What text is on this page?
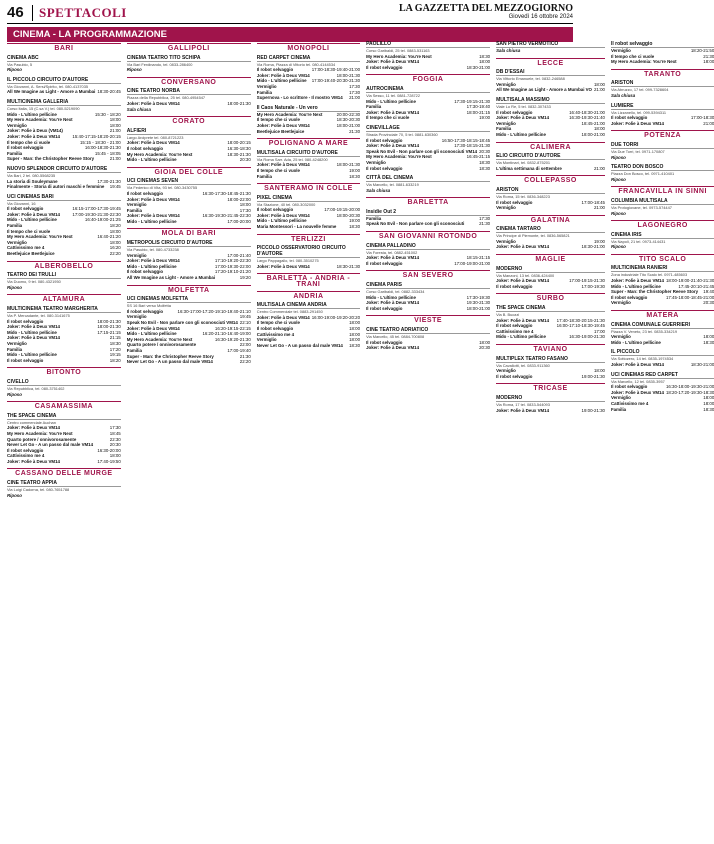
46 SPETTACOLI	LA GAZZETTA DEL MEZZOGIORNO
Giovedì 16 ottobre 2024
CINEMA - LA PROGRAMMAZIONE
BARI
CINEMA ABC
Via Pasubio, 5
Riposo
IL PICCOLO CIRCUITO D'AUTORE
Via Giovanni, A. Sersi/Spirito, tel. 080-4137035
All We Imagine as Light - Amore a Mumbai 18:30-20:45
MULTICINEMA GALLERIA
Corso Italia, 15 (C.sa V.) tel. 080-5219090
Mido - L'ultimo pellicine	15:30 - 18:20
My Hero Academia: You're Next	18:00
Vermiglio	18:00
Joker: Folie à Deux (VM14)	21:00
Joker: Folie à Deux VM14	15:40-17:15-18:20-20:15
Il tempo che ci vuole	15:15 - 18:30 - 21:00
Il robot selvaggio	16:00-18:30-21:30
Familia	15:45 - 18:05
Super - Man: the Christopher Reeve Story	21:00
NUOVO SPLENDOR CIRCUITO D'AUTORE
Via Bari, 2 tel. 080-5568235
La storia di Souleymane	17:30-21:30
Finalmente - Storia di autori maschi e femmine 19:45
UCI CINEMAS BARI
Via Giovanni, 16
Il robot selvaggio	16:15-17:00-17:30-19:45
Joker: Folie à Deux VM14	17:00-19:30-21:30-22:30
Mido - L'ultimo pellicine	16:40-19:00-21:25
Familia	18:20
Il tempo che ci vuole	18:00
My Hero Academia: You're Next	16:40-21:20
Vermiglio	18:00
Cattivissimo me 4	16:20
Beetlejuice Beetlejuice	22:20
ALBEROBELLO
TEATRO DEI TRULLI
Via Duomo, 9 tel. 080-4321950
Riposo
ALTAMURA
MULTICINEMA TEATRO MARGHERITA
Via P. Mercadante, tel. 080-3141675
Il robot selvaggio	18:00-21:30
Joker: Folie à Deux VM14	18:00-21:30
Mido - L'ultimo pellicine	17:15-21:15
Joker: Folie à Deux VM14	21:15
Vermiglio	18:30
Familia	17:20
Mido - L'ultimo pellicine	19:15
Il robot selvaggio	18:20
BITONTO
CIVELLO
Via Repubblica, tel. 080-3751402
Riposo
CASAMASSIMA
THE SPACE CINEMA
Centro commerciale Auchan
Joker: Folie à Deux VM14	17:30
My Hero Academia: You're Next	18:45
Quarto potere / onnivorosamente	22:30
Never Let Go - A un passo dal male VM14	20:30
Il robot selvaggio	16:30-20:00
Cattivissimo me 4	18:00
Joker: Folie à Deux VM14	17:40-19:50
CASSANO DELLE MURGE
CINE TEATRO APPIA
Via Luigi Cadorna, tel. 080-7651788
Riposo
GALLIPOLI
CINEMA TEATRO TITO SCHIPA
Via Bari Ferdinando, tel. 0833-286400
Riposo
CONVERSANO
CINE TEATRO NORBA
Piazza della Repubblica, 25 tel. 080-4954547
Joker: Folie à Deux VM14	18:00-21:30
Sala chiusa
CORATO
ALFIERI
Largo Arciprete tel. 080-8721223
Joker: Folie à Deux VM14	18:00-20:15
Il robot selvaggio	16:30-18:30
My Hero Academia: You're Next	18:30-21:30
Mido - L'ultimo pellicine	20:30
GIOIA DEL COLLE
UCI CINEMAS SEVEN
Via Federico di Vita, 93 tel. 080-3430755
Il robot selvaggio	16:30-17:30-18:45-21:30
Joker: Folie à Deux VM14	18:00-22:00
Vermiglio	18:00
Familia	17:30
Joker: Folie à Deux VM14	16:30-19:30-21:45-22:30
Mido - L'ultimo pellicine	17:00-20:00
MOLA DI BARI
METROPOLIS CIRCUITO D'AUTORE
Via Pasubio, tel. 080-4733238
Vermiglio	17:00-21:40
Joker: Folie à Deux VM14	17:10-19:20-22:30
Mido - L'ultimo pellicine	17:00-19:30-22:00
Il robot selvaggio	17:20-19:10-21:20
All We Imagine as Light - Amore a Mumbai	19:20
MOLFETTA
UCI CINEMAS MOLFETTA
SS 16 Bari verso Molfetta
Il robot selvaggio	16:30-17:00-17:20-19:10-19:40-21:10
Vermiglio	19:45
Speak No Evil - Non parlare con gli sconosciuti VM14 22:10
Joker: Folie à Deux VM14	16:20-19:15-22:15
Mido - L'ultimo pellicine	16:20-21:10-16:40-19:00
My Hero Academia: You're Next	16:30-19:20-21:30
Quarto potere / onnivorosamente	22:00
Familia	17:00-19:40
Super - Man: the Christopher Reeve Story	21:30
Never Let Go - A un passo dal male VM14	22:20
MONOPOLI
RED CARPET CINEMA
Via Roma, Piazza di Vittorio tel. 080-4144534
Il robot selvaggio	17:00-18:30-19:40-21:00
Joker: Folie à Deux VM14	18:00-21:30
Mido - L'ultimo pellicine 17:00-19:40-20:30-21:30
Vermiglio	17:30
Familia	17:30
Supernova - Lo scrittore - Il mostro VM14 21:00
Il Caos Naturale - Un vero
My Hero Academia: You're Next	20:00-22:30
Il tempo che ci vuole	18:30-20:30
Joker: Folie à Deux VM14	18:00-21:00
Beetlejuice Beetlejuice	21:30
POLIGNANO A MARE
MULTISALA CIRCUITO D'AUTORE
Via Roma Sarr. Ada, 25 tel. 080-4248200
Joker: Folie à Deux VM14	18:00-21:30
Il tempo che ci vuole	19:00
Familia	18:30
SANTERAMO IN COLLE
PIXEL CINEMA
Via Stazione, 40 tel. 080-3032000
Il robot selvaggio	17:00-19:15-20:00
Joker: Folie à Deux VM14	18:00-20:30
Mido - L'ultimo pellicine	19:00
Maria Montessori - La nouvelle femme	18:30
TERLIZZI
PICCOLO OSSERVATORIO CIRCUITO D'AUTORE
Largo Pappagallo, tel. 080-3510275
Joker: Folie à Deux VM14	18:30-21:30
BARLETTA - ANDRIA - TRANI
ANDRIA
MULTISALA CINEMA ANDRIA
Centro Commerciale tel. 0883-291450
Joker: Folie à Deux VM14 16:00-19:00-19:20-20:20
Il tempo che ci vuole	18:00
Il robot selvaggio	18:00
Cattivissimo me 4	18:00
Vermiglio	18:00
Never Let Go - A un passo dal male VM14 18:30
PAOLILLO
Corso Garibaldi, 25 tel. 0883-531163
My Hero Academia: You're Next	18:30
Joker: Folie à Deux VM14	18:00
Il robot selvaggio	18:30-21:00
FOGGIA
AUTROCINEMA
Via Sesso, 11 tel. 0881-728722
Mido - L'ultimo pellicine	17:30-19:15-21:30
Familia	17:30-19:40
Joker: Folie à Deux VM14	18:00-21:15
Il tempo che ci vuole	19:00
CINEVILLAGE
Strada Provinciale 70, 5 tel. 0881-630360
Il robot selvaggio	16:50-17:30-18:15-18:45
Joker: Folie à Deux VM14	17:30-18:15-21:30
Speak No Evil - Non parlare con gli sconosciuti VM14 20:30
My Hero Academia: You're Next	16:45-21:15
Vermiglio	18:30
Il robot selvaggio	18:30
CITTÀ DEL CINEMA
Via Marcello, tel. 0881-633219
Sala chiusa
BARLETTA
Insidie Out 2
Familia	17:30
Speak No Evil - Non parlare con gli sconosciuti	21:30
SAN GIOVANNI ROTONDO
CINEMA PALLADINO
Via Foresta, tel. 0882-451002
Joker: Folie à Deux VM14	18:15-21:15
Il robot selvaggio	17:00-19:00-21:00
SAN SEVERO
CINEMA PARIS
Corso Garibaldi, tel. 0882-333434
Mido - L'ultimo pellicine	17:30-19:30
Joker: Folie à Deux VM14	19:30-21:30
Il robot selvaggio	18:00-21:00
VIESTE
CINE TEATRO ADRIATICO
Via Marcello, 45 tel. 0884-700808
Il robot selvaggio	18:00
Joker: Folie à Deux VM14	20:30
SAN PIETRO VERMOTICO
Sala chiusa
LECCE
DB D'ESSAI
Via Vittorio Emanuele, tel. 0832-246588
Vermiglio	18:00
All We Imagine as Light - Amore a Mumbai VO 21:00
MULTISALA MASSIMO
Viale Lo Re, 5 tel. 0832-307433
Il robot selvaggio	16:40-18:30-21:00
Joker: Folie à Deux VM14	16:30-19:30-21:40
Vermiglio	18:45-21:00
Familia	18:00
Mido - L'ultimo pellicine	18:00-21:00
CALIMERA
ELIO CIRCUITO D'AUTORE
Via Montinari, tel. 0832-875201
L'ultima settimana di settembre	21:00
COLLEPASSO
ARISTON
Via Roma, 15 tel. 0836-348223
Il robot selvaggio	17:00-18:45
Vermiglio	21:00
GALATINA
CINEMA TARTARO
Via Principe di Piemonte, tel. 0836-565821
Vermiglio	19:00
Joker: Folie à Deux VM14	18:30-21:00
MAGLIE
MODERNO
Via Manzoni, 13 tel. 0836-424400
Joker: Folie à Deux VM14	17:00-19:15-21:30
Il robot selvaggio	17:00-19:30
SURBO
THE SPACE CINEMA
Via B. Buozzi
Joker: Folie à Deux VM14 17:40-18:30-20:15-21:30
Il robot selvaggio	16:00-17:10-18:30-19:45
Cattivissimo me 4	17:00
Mido - L'ultimo pellicine	16:30-19:00-21:30
TAVIANO
MULTIPLEX TEATRO FASANO
Via Cavallotti, tel. 0833-911360
Vermiglio	18:00
Il robot selvaggio	19:00-21:30
TRICASE
MODERNO
Via Roma, 17 tel. 0833-544093
Joker: Folie à Deux VM14	19:00-21:30
Il robot selvaggio
Vermiglio	18:20-21:50
Il tempo che ci vuole	21:30
My Hero Academia: You're Next	18:00
TARANTO
ARISTON
Via Abruzzo, 17 tel. 099-7328604
Sala chiusa
LUMIERE
Via Lizzanello, tel. 099-5394311
Il robot selvaggio	17:00-18:30
Joker: Folie à Deux VM14	21:00
POTENZA
DUE TORRI
Via Due Torri, tel. 0971-170807
Riposo
TEATRO DON BOSCO
Piazza Don Bosco, tel. 0971-410401
Riposo
FRANCAVILLA IN SINNI
COLUMBIA MULTISALA
Via Protogiovane, tel. 0973-574447
Riposo
LAGONEGRO
CINEMA IRIS
Via Napoli, 21 tel. 0973-414431
Riposo
TITO SCALO
MULTICINEMA RANIERI
Zona industriale Tito Scalo tel. 0971-485603
Joker: Folie à Deux VM14 18:00-19:00-21:40-21:30
Mido - L'ultimo pellicine	17:45-20:10-21:45
Super - Man: the Christopher Reeve Story 19:40
Il robot selvaggio	17:45-18:00-18:45-21:00
Vermiglio	20:30
MATERA
CINEMA COMUNALE GUERRIERI
Piazza V. Veneto, 23 tel. 0835-334219
Vermiglio	18:00
Mido - L'ultimo pellicine	18:30
IL PICCOLO
Via Sottozero, 14 tel. 0835-1974534
Joker: Folie à Deux VM14	18:30-21:00
UCI CINEMAS RED CARPET
Via Marcello, 12 tel. 0835-3957
Il robot selvaggio	16:30-18:00-19:30-21:00
Joker: Folie à Deux VM14 18:20-17:20-19:30-18:30
Vermiglio	18:00
Cattivissimo me 4	18:00
Familia	18:30
